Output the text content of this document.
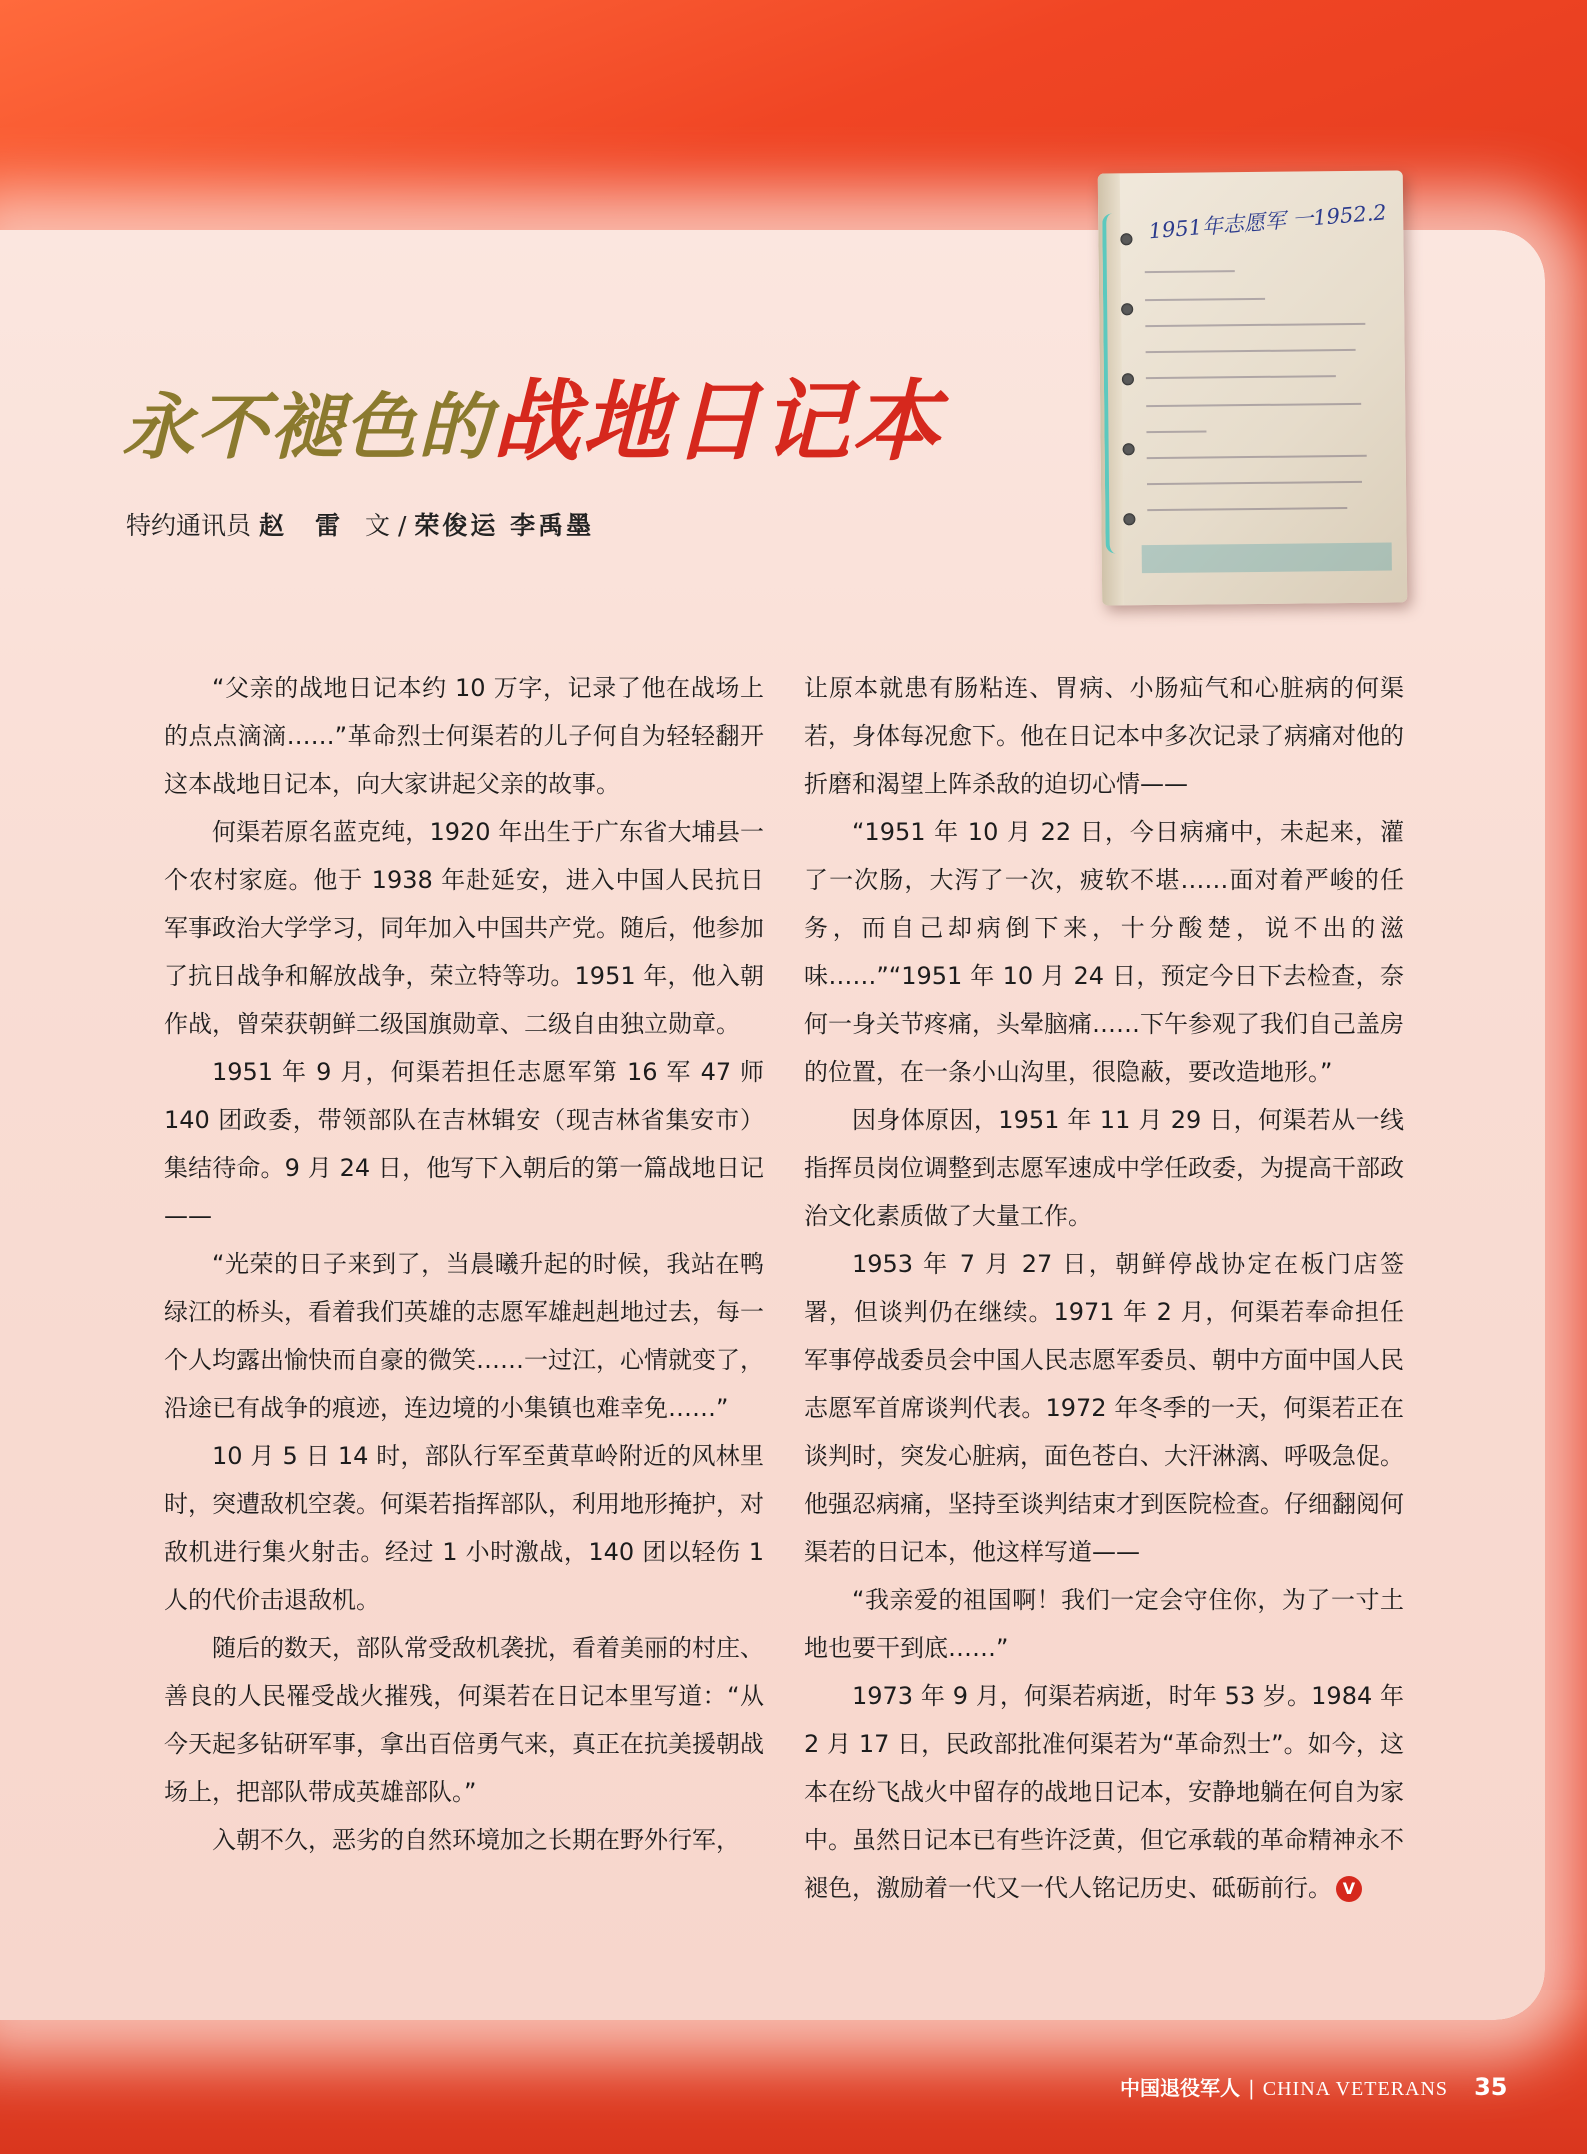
1951年志愿军 一1952.2
永不褪色的战地日记本
特约通讯员 赵　雷 文 / 荣俊运 李禹墨

“父亲的战地日记本约 10 万字，记录了他在战场上的点点滴滴……”革命烈士何渠若的儿子何自为轻轻翻开这本战地日记本，向大家讲起父亲的故事。

何渠若原名蓝克纯，1920 年出生于广东省大埔县一个农村家庭。他于 1938 年赴延安，进入中国人民抗日军事政治大学学习，同年加入中国共产党。随后，他参加了抗日战争和解放战争，荣立特等功。1951 年，他入朝作战，曾荣获朝鲜二级国旗勋章、二级自由独立勋章。

1951 年 9 月，何渠若担任志愿军第 16 军 47 师 140 团政委，带领部队在吉林辑安（现吉林省集安市）集结待命。9 月 24 日，他写下入朝后的第一篇战地日记——

“光荣的日子来到了，当晨曦升起的时候，我站在鸭绿江的桥头，看着我们英雄的志愿军雄赳赳地过去，每一个人均露出愉快而自豪的微笑……一过江，心情就变了，沿途已有战争的痕迹，连边境的小集镇也难幸免……”

10 月 5 日 14 时，部队行军至黄草岭附近的风林里时，突遭敌机空袭。何渠若指挥部队，利用地形掩护，对敌机进行集火射击。经过 1 小时激战，140 团以轻伤 1 人的代价击退敌机。

随后的数天，部队常受敌机袭扰，看着美丽的村庄、善良的人民罹受战火摧残，何渠若在日记本里写道：“从今天起多钻研军事，拿出百倍勇气来，真正在抗美援朝战场上，把部队带成英雄部队。”

入朝不久，恶劣的自然环境加之长期在野外行军，

让原本就患有肠粘连、胃病、小肠疝气和心脏病的何渠若，身体每况愈下。他在日记本中多次记录了病痛对他的折磨和渴望上阵杀敌的迫切心情——

“1951 年 10 月 22 日，今日病痛中，未起来，灌了一次肠，大泻了一次，疲软不堪……面对着严峻的任务，而自己却病倒下来，十分酸楚，说不出的滋味……”“1951 年 10 月 24 日，预定今日下去检查，奈何一身关节疼痛，头晕脑痛……下午参观了我们自己盖房的位置，在一条小山沟里，很隐蔽，要改造地形。”

因身体原因，1951 年 11 月 29 日，何渠若从一线指挥员岗位调整到志愿军速成中学任政委，为提高干部政治文化素质做了大量工作。

1953 年 7 月 27 日，朝鲜停战协定在板门店签署，但谈判仍在继续。1971 年 2 月，何渠若奉命担任军事停战委员会中国人民志愿军委员、朝中方面中国人民志愿军首席谈判代表。1972 年冬季的一天，何渠若正在谈判时，突发心脏病，面色苍白、大汗淋漓、呼吸急促。他强忍病痛，坚持至谈判结束才到医院检查。仔细翻阅何渠若的日记本，他这样写道——

“我亲爱的祖国啊！我们一定会守住你，为了一寸土地也要干到底……”

1973 年 9 月，何渠若病逝，时年 53 岁。1984 年 2 月 17 日，民政部批准何渠若为“革命烈士”。如今，这本在纷飞战火中留存的战地日记本，安静地躺在何自为家中。虽然日记本已有些许泛黄，但它承载的革命精神永不褪色，激励着一代又一代人铭记历史、砥砺前行。 V

中国退役军人 | CHINA VETERANS 35
